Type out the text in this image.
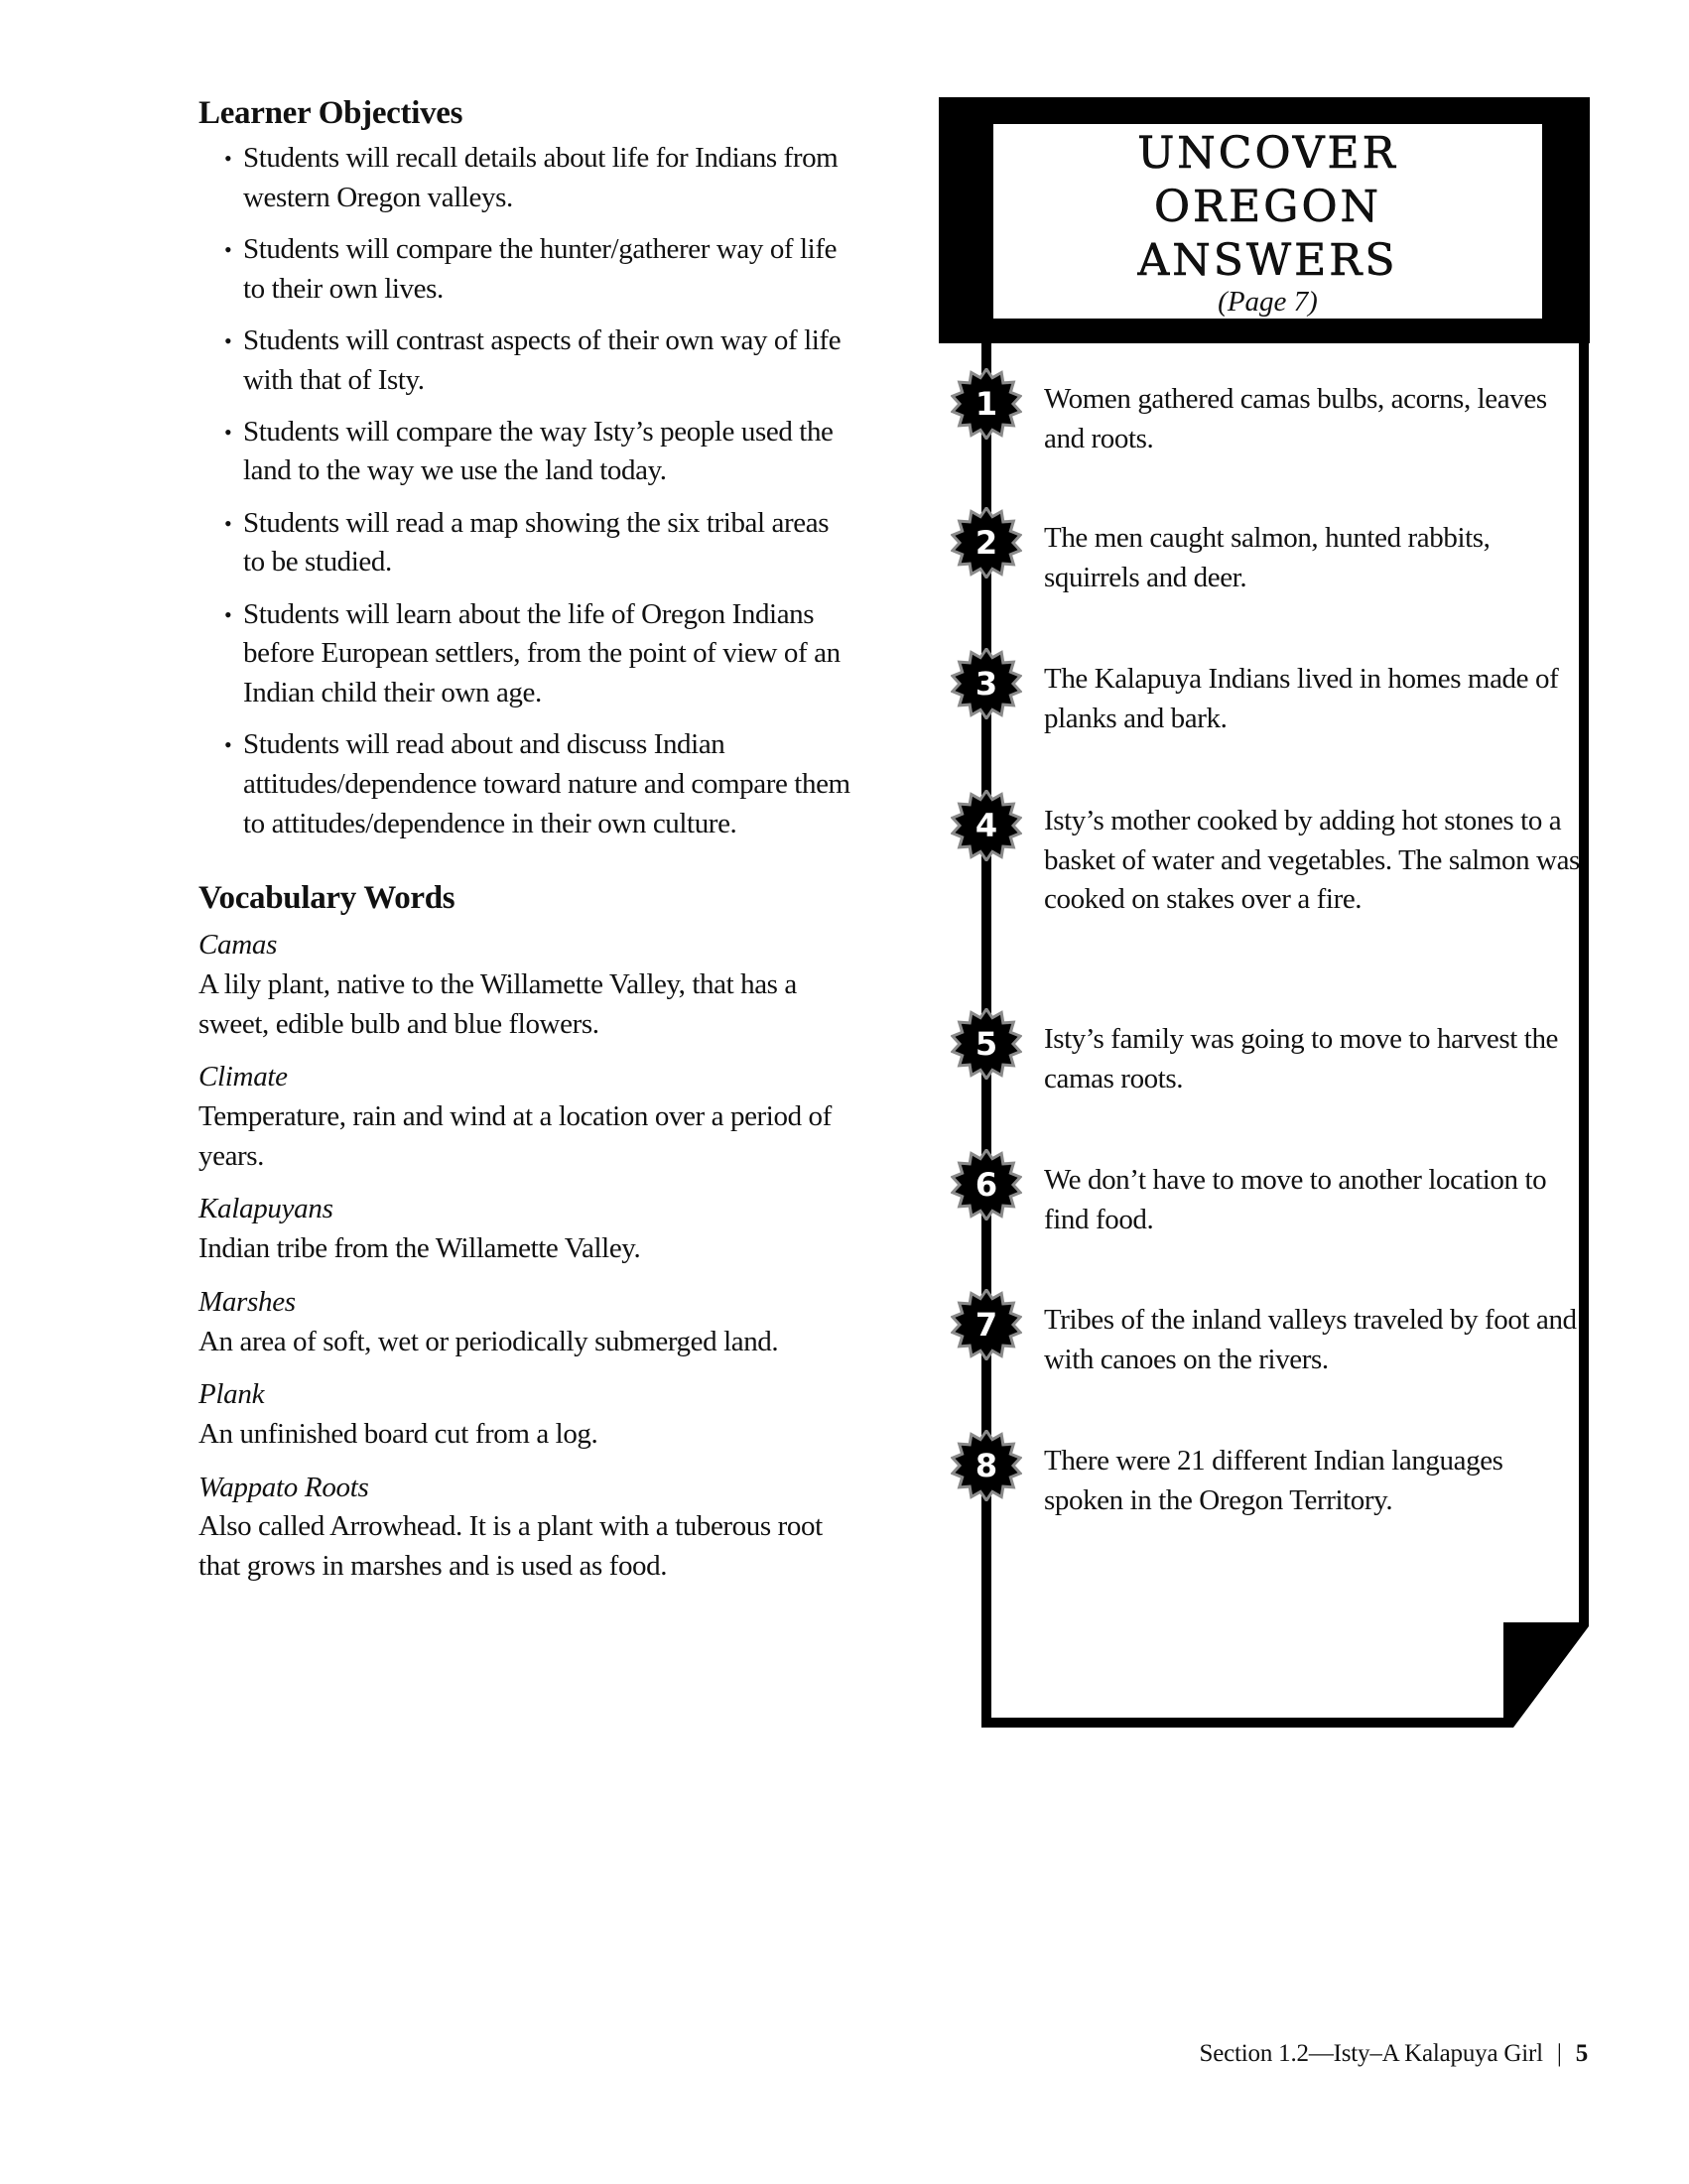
Learner Objectives
• Students will recall details about life for Indians from western Oregon valleys.
• Students will compare the hunter/gatherer way of life to their own lives.
• Students will contrast aspects of their own way of life with that of Isty.
• Students will compare the way Isty’s people used the land to the way we use the land today.
• Students will read a map showing the six tribal areas to be studied.
• Students will learn about the life of Oregon Indians before European settlers, from the point of view of an Indian child their own age.
• Students will read about and discuss Indian attitudes/dependence toward nature and compare them to attitudes/dependence in their own culture.
Vocabulary Words
Camas
A lily plant, native to the Willamette Valley, that has a sweet, edible bulb and blue flowers.
Climate
Temperature, rain and wind at a location over a period of years.
Kalapuyans
Indian tribe from the Willamette Valley.
Marshes
An area of soft, wet or periodically submerged land.
Plank
An unfinished board cut from a log.
Wappato Roots
Also called Arrowhead. It is a plant with a tuberous root that grows in marshes and is used as food.
UNCOVER
OREGON
ANSWERS
(Page 7)
1	Women gathered camas bulbs, acorns, leaves and roots.
2	The men caught salmon, hunted rabbits, squirrels and deer.
3	The Kalapuya Indians lived in homes made of planks and bark.
4	Isty’s mother cooked by adding hot stones to a basket of water and vegetables. The salmon was cooked on stakes over a fire.
5	Isty’s family was going to move to harvest the camas roots.
6	We don’t have to move to another location to find food.
7	Tribes of the inland valleys traveled by foot and with canoes on the rivers.
8	There were 21 different Indian languages spoken in the Oregon Territory.
Section 1.2—Isty–A Kalapuya Girl | 5
